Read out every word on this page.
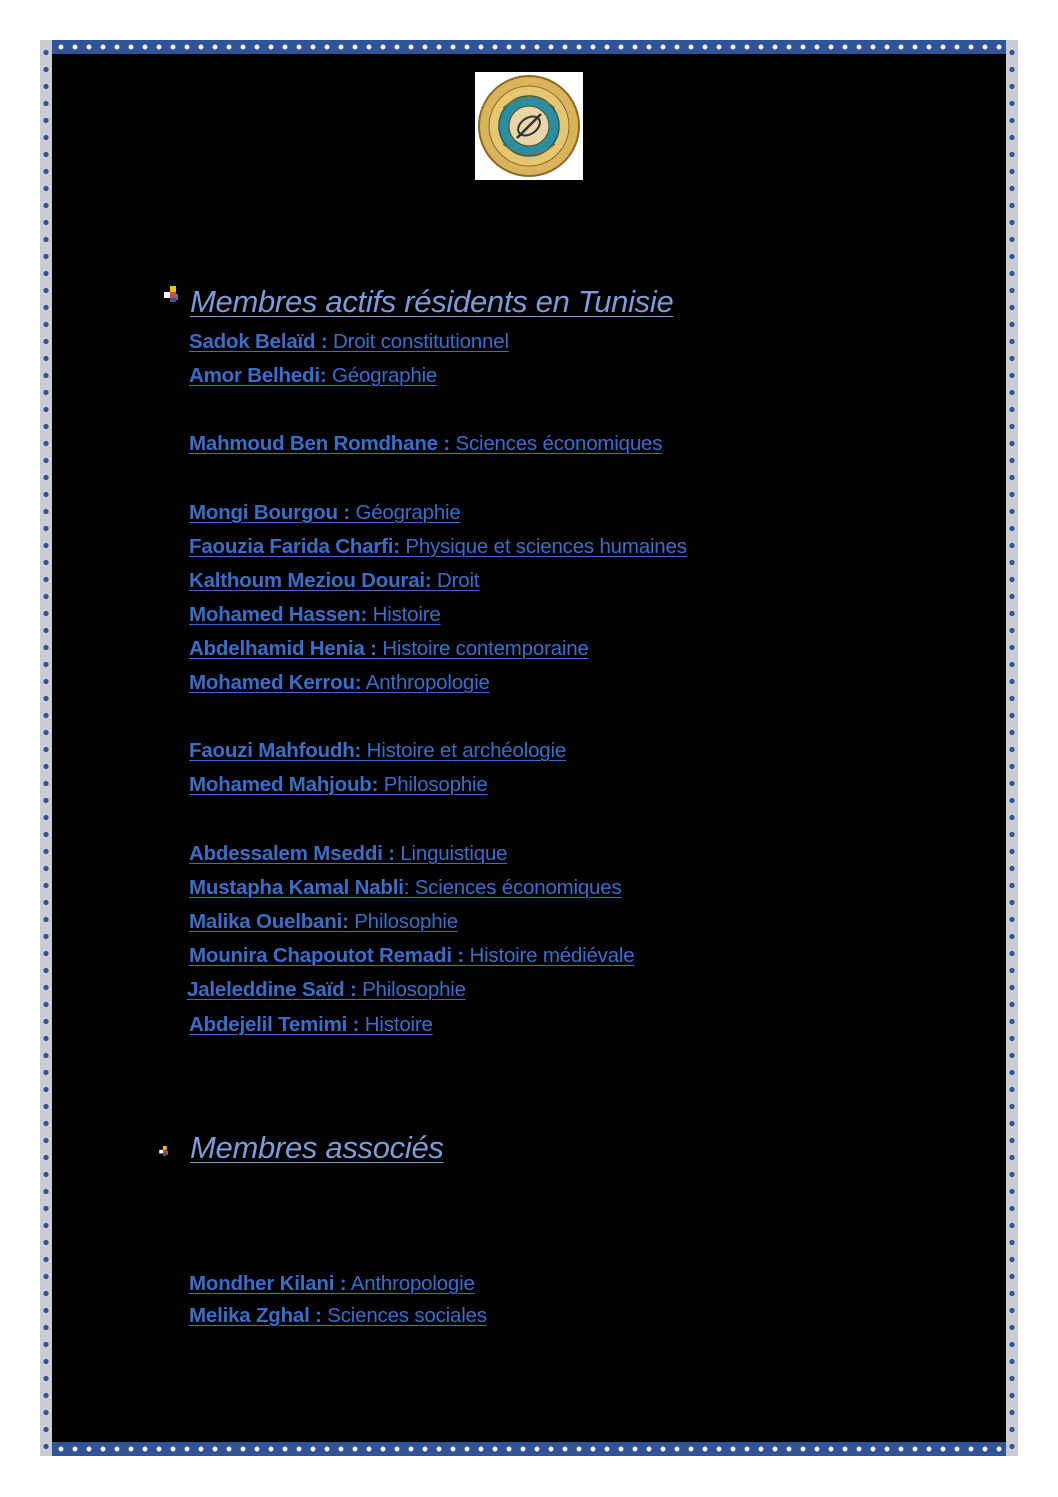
Membres actifs résidents en Tunisie

Sadok Belaïd : Droit constitutionnel

Amor Belhedi: Géographie

Mahmoud Ben Romdhane : Sciences économiques

Mongi Bourgou : Géographie

Faouzia Farida Charfi: Physique et sciences humaines

Kalthoum Meziou Dourai: Droit

Mohamed Hassen: Histoire

Abdelhamid Henia : Histoire contemporaine

Mohamed Kerrou: Anthropologie

Faouzi Mahfoudh: Histoire et archéologie

Mohamed Mahjoub: Philosophie

Abdessalem Mseddi : Linguistique

Mustapha Kamal Nabli: Sciences économiques

Malika Ouelbani: Philosophie

Mounira Chapoutot Remadi : Histoire médiévale

Jaleleddine Saïd : Philosophie

Abdejelil Temimi : Histoire

Membres associés

Mondher Kilani : Anthropologie

Melika Zghal : Sciences sociales
